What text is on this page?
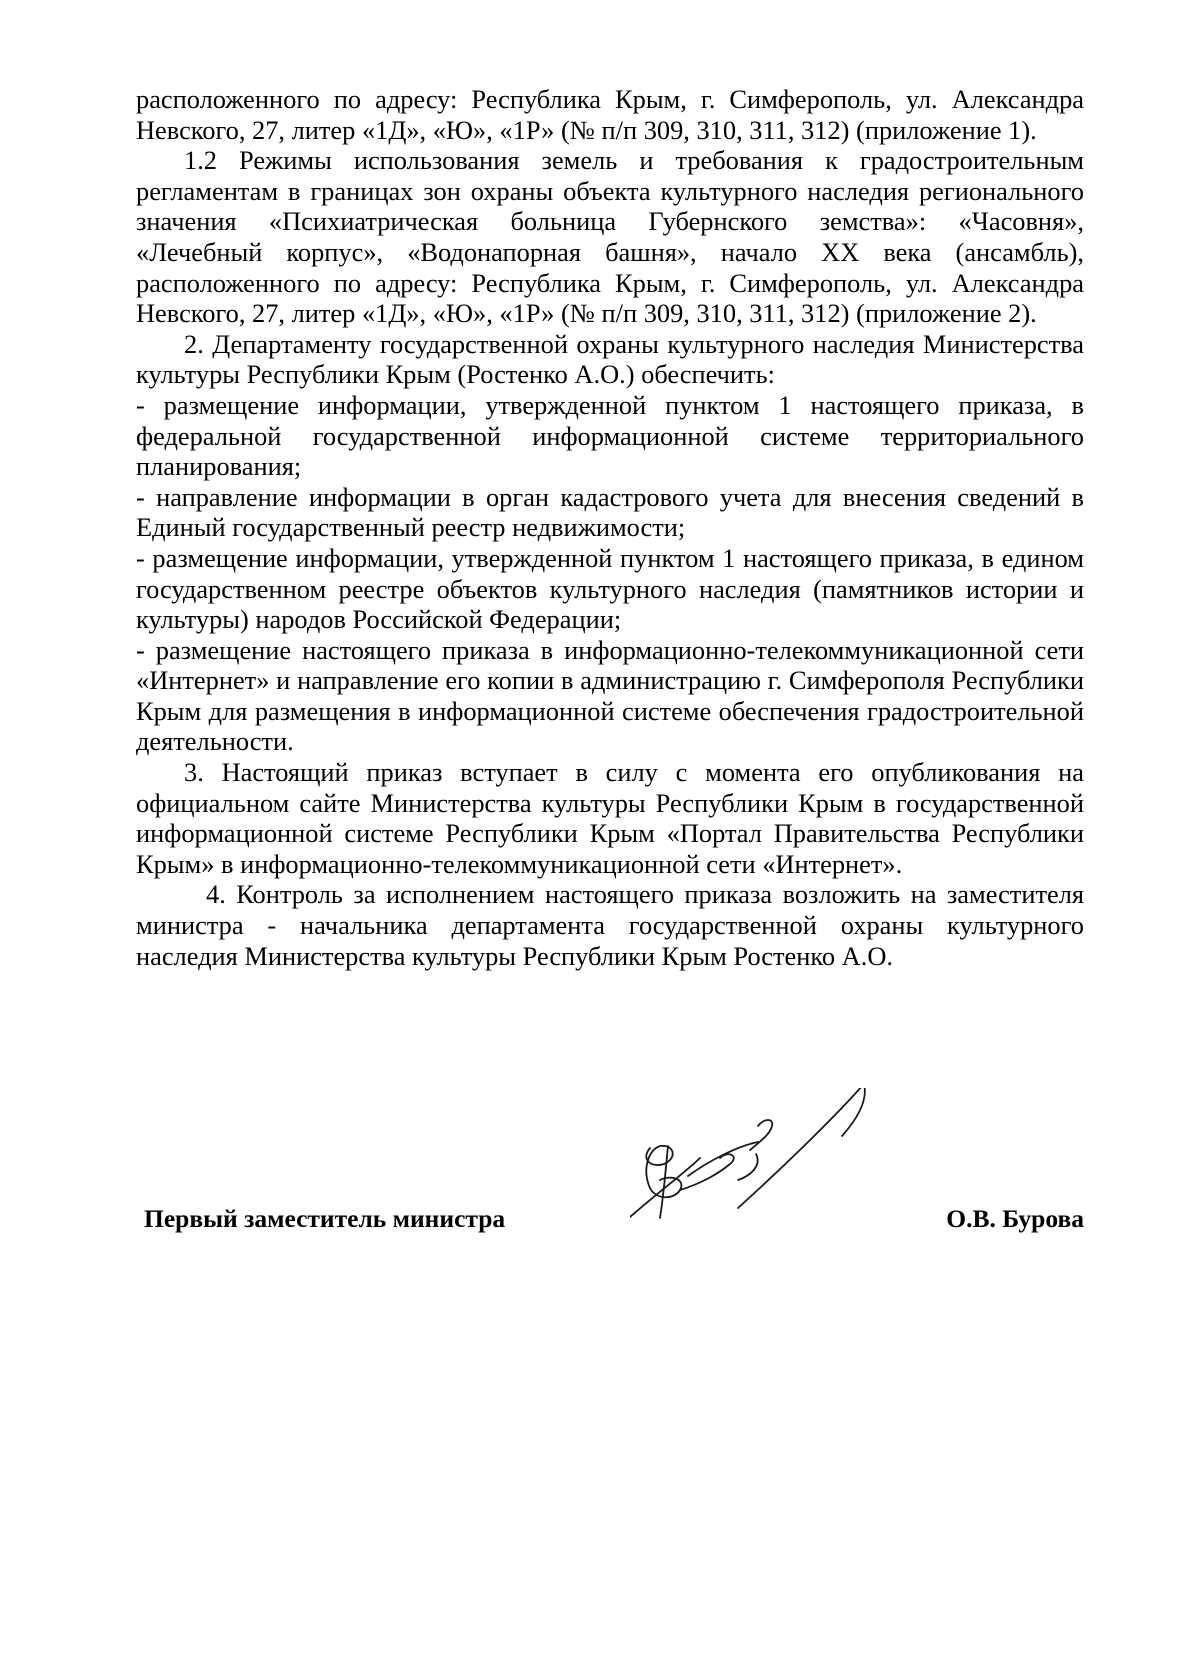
расположенного по адресу: Республика Крым, г. Симферополь, ул. Александра Невского, 27, литер «1Д», «Ю», «1Р» (№ п/п 309, 310, 311, 312) (приложение 1).

1.2 Режимы использования земель и требования к градостроительным регламентам в границах зон охраны объекта культурного наследия регионального значения «Психиатрическая больница Губернского земства»: «Часовня», «Лечебный корпус», «Водонапорная башня», начало XX века (ансамбль), расположенного по адресу: Республика Крым, г. Симферополь, ул. Александра Невского, 27, литер «1Д», «Ю», «1Р» (№ п/п 309, 310, 311, 312) (приложение 2).

2. Департаменту государственной охраны культурного наследия Министерства культуры Республики Крым (Ростенко А.О.) обеспечить:

- размещение информации, утвержденной пунктом 1 настоящего приказа, в федеральной государственной информационной системе территориального планирования;

- направление информации в орган кадастрового учета для внесения сведений в Единый государственный реестр недвижимости;

- размещение информации, утвержденной пунктом 1 настоящего приказа, в едином государственном реестре объектов культурного наследия (памятников истории и культуры) народов Российской Федерации;

- размещение настоящего приказа в информационно-телекоммуникационной сети «Интернет» и направление его копии в администрацию г. Симферополя Республики Крым для размещения в информационной системе обеспечения градостроительной деятельности.

3. Настоящий приказ вступает в силу с момента его опубликования на официальном сайте Министерства культуры Республики Крым в государственной информационной системе Республики Крым «Портал Правительства Республики Крым» в информационно-телекоммуникационной сети «Интернет».

4. Контроль за исполнением настоящего приказа возложить на заместителя министра - начальника департамента государственной охраны культурного наследия Министерства культуры Республики Крым Ростенко А.О.

Первый заместитель министра	О.В. Бурова
